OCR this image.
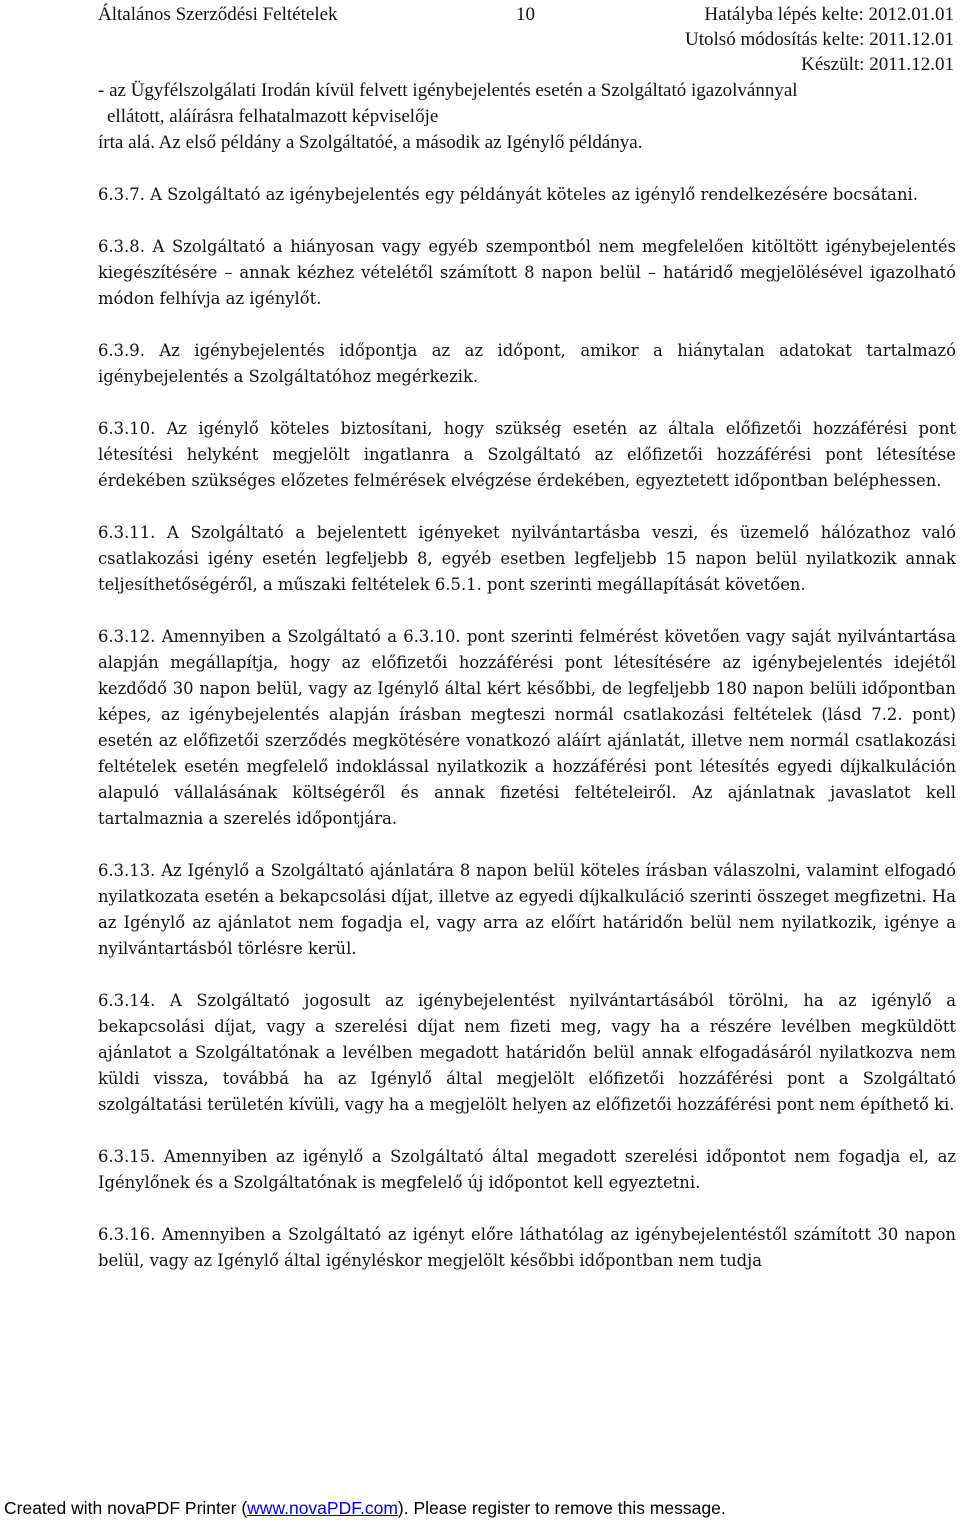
Általános Szerződési Feltételek	10	Hatályba lépés kelte: 2012.01.01
Utolsó módosítás kelte: 2011.12.01
Készült: 2011.12.01

- az Ügyfélszolgálati Irodán kívül felvett igénybejelentés esetén a Szolgáltató igazolvánnyal

ellátott, aláírásra felhatalmazott képviselője

írta alá. Az első példány a Szolgáltatóé, a második az Igénylő példánya.

6.3.7. A Szolgáltató az igénybejelentés egy példányát köteles az igénylő rendelkezésére bocsátani.

6.3.8. A Szolgáltató a hiányosan vagy egyéb szempontból nem megfelelően kitöltött igénybejelentés kiegészítésére – annak kézhez vételétől számított 8 napon belül – határidő megjelölésével igazolható módon felhívja az igénylőt.

6.3.9. Az igénybejelentés időpontja az az időpont, amikor a hiánytalan adatokat tartalmazó igénybejelentés a Szolgáltatóhoz megérkezik.

6.3.10. Az igénylő köteles biztosítani, hogy szükség esetén az általa előfizetői hozzáférési pont létesítési helyként megjelölt ingatlanra a Szolgáltató az előfizetői hozzáférési pont létesítése érdekében szükséges előzetes felmérések elvégzése érdekében, egyeztetett időpontban beléphessen.

6.3.11. A Szolgáltató a bejelentett igényeket nyilvántartásba veszi, és üzemelő hálózathoz való csatlakozási igény esetén legfeljebb 8, egyéb esetben legfeljebb 15 napon belül nyilatkozik annak teljesíthetőségéről, a műszaki feltételek 6.5.1. pont szerinti megállapítását követően.

6.3.12. Amennyiben a Szolgáltató a 6.3.10. pont szerinti felmérést követően vagy saját nyilvántartása alapján megállapítja, hogy az előfizetői hozzáférési pont létesítésére az igénybejelentés idejétől kezdődő 30 napon belül, vagy az Igénylő által kért későbbi, de legfeljebb 180 napon belüli időpontban képes, az igénybejelentés alapján írásban megteszi normál csatlakozási feltételek (lásd 7.2. pont) esetén az előfizetői szerződés megkötésére vonatkozó aláírt ajánlatát, illetve nem normál csatlakozási feltételek esetén megfelelő indoklással nyilatkozik a hozzáférési pont létesítés egyedi díjkalkuláción alapuló vállalásának költségéről és annak fizetési feltételeiről. Az ajánlatnak javaslatot kell tartalmaznia a szerelés időpontjára.

6.3.13. Az Igénylő a Szolgáltató ajánlatára 8 napon belül köteles írásban válaszolni, valamint elfogadó nyilatkozata esetén a bekapcsolási díjat, illetve az egyedi díjkalkuláció szerinti összeget megfizetni. Ha az Igénylő az ajánlatot nem fogadja el, vagy arra az előírt határidőn belül nem nyilatkozik, igénye a nyilvántartásból törlésre kerül.

6.3.14. A Szolgáltató jogosult az igénybejelentést nyilvántartásából törölni, ha az igénylő a bekapcsolási díjat, vagy a szerelési díjat nem fizeti meg, vagy ha a részére levélben megküldött ajánlatot a Szolgáltatónak a levélben megadott határidőn belül annak elfogadásáról nyilatkozva nem küldi vissza, továbbá ha az Igénylő által megjelölt előfizetői hozzáférési pont a Szolgáltató szolgáltatási területén kívüli, vagy ha a megjelölt helyen az előfizetői hozzáférési pont nem építhető ki.

6.3.15. Amennyiben az igénylő a Szolgáltató által megadott szerelési időpontot nem fogadja el, az Igénylőnek és a Szolgáltatónak is megfelelő új időpontot kell egyeztetni.

6.3.16. Amennyiben a Szolgáltató az igényt előre láthatólag az igénybejelentéstől számított 30 napon belül, vagy az Igénylő által igényléskor megjelölt későbbi időpontban nem tudja

Created with novaPDF Printer (www.novaPDF.com). Please register to remove this message.
